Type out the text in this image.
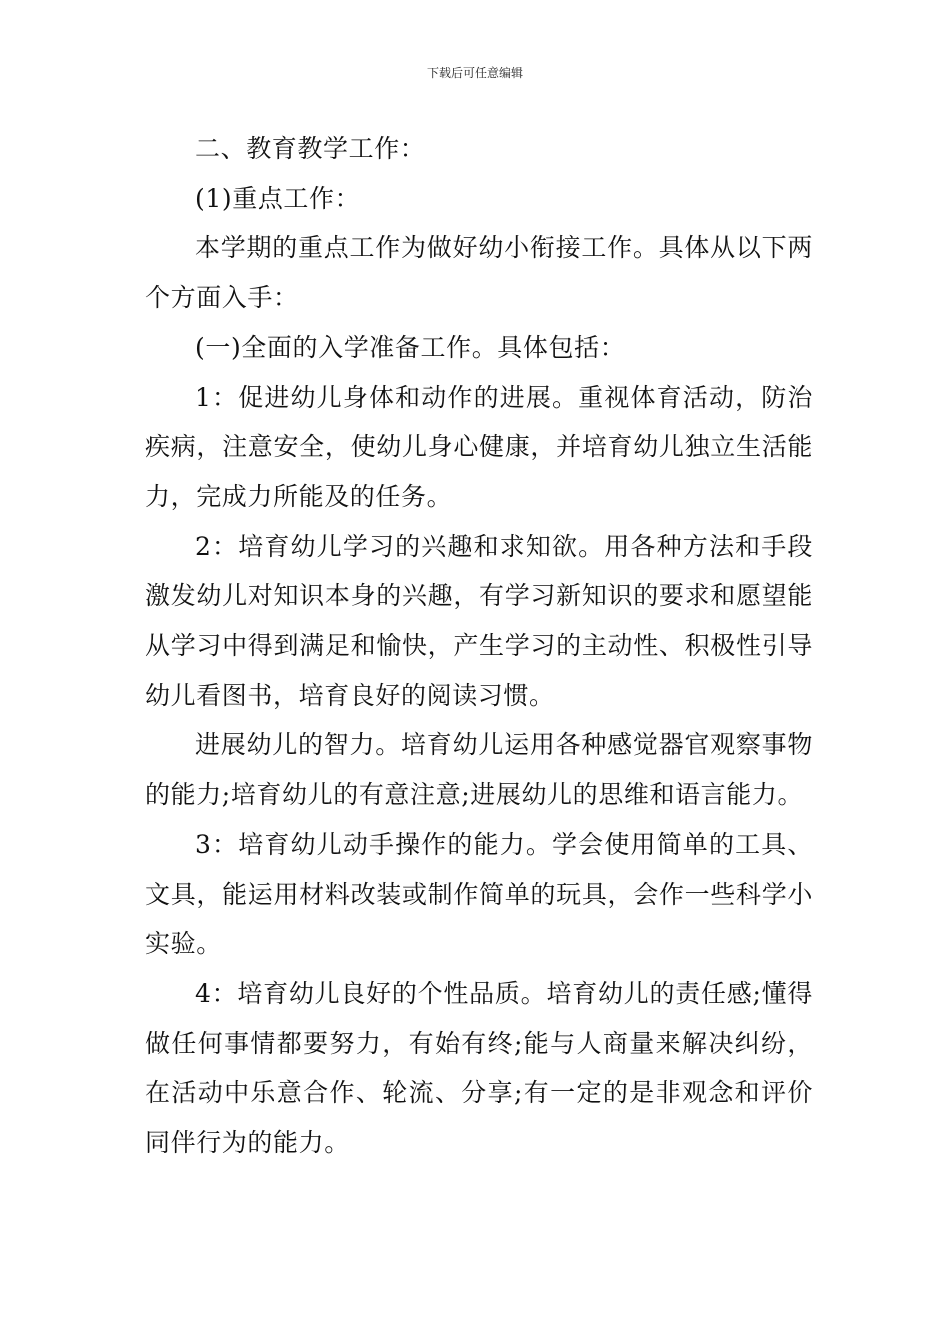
下载后可任意编辑

二、教育教学工作：

(1)重点工作：

本学期的重点工作为做好幼小衔接工作。具体从以下两个方面入手：

(一)全面的入学准备工作。具体包括：

1：促进幼儿身体和动作的进展。重视体育活动，防治疾病，注意安全，使幼儿身心健康，并培育幼儿独立生活能力，完成力所能及的任务。

2：培育幼儿学习的兴趣和求知欲。用各种方法和手段激发幼儿对知识本身的兴趣，有学习新知识的要求和愿望能从学习中得到满足和愉快，产生学习的主动性、积极性引导幼儿看图书，培育良好的阅读习惯。

进展幼儿的智力。培育幼儿运用各种感觉器官观察事物的能力;培育幼儿的有意注意;进展幼儿的思维和语言能力。

3：培育幼儿动手操作的能力。学会使用简单的工具、文具，能运用材料改装或制作简单的玩具，会作一些科学小实验。

4：培育幼儿良好的个性品质。培育幼儿的责任感;懂得做任何事情都要努力，有始有终;能与人商量来解决纠纷，在活动中乐意合作、轮流、分享;有一定的是非观念和评价同伴行为的能力。
